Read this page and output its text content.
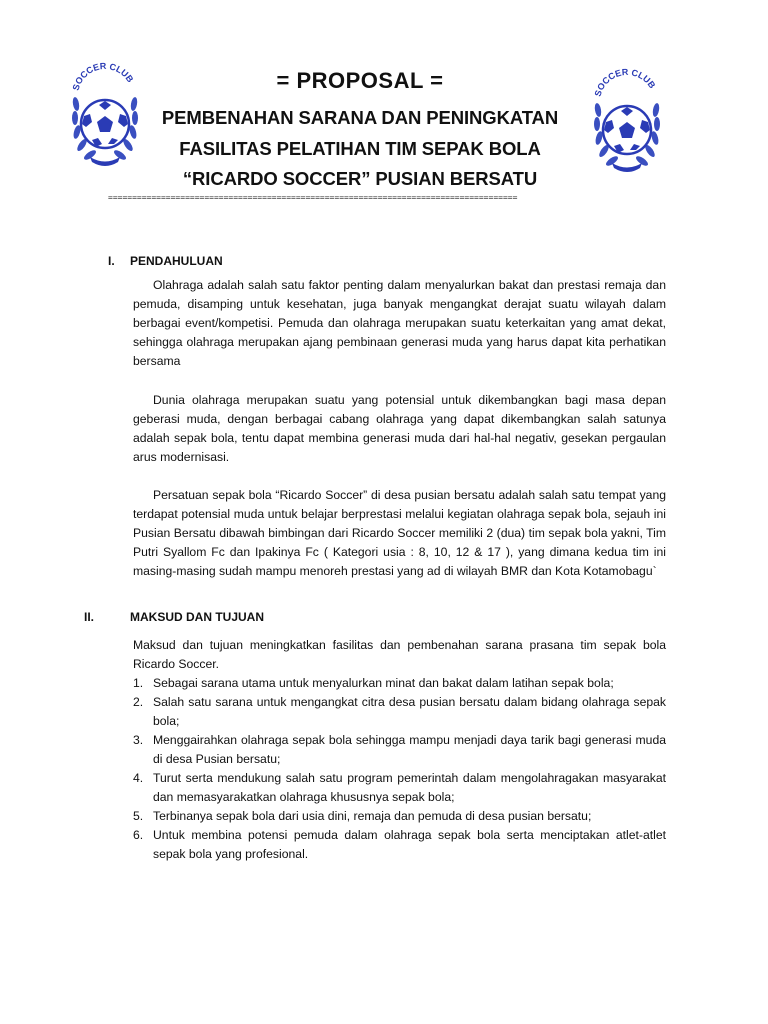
SOCCER CLUB
SOCCER CLUB
= PROPOSAL =
PEMBENAHAN SARANA DAN PENINGKATAN
FASILITAS PELATIHAN TIM SEPAK BOLA
“RICARDO SOCCER” PUSIAN BERSATU
=====================================================================================
I. PENDAHULUAN

Olahraga adalah salah satu faktor penting dalam menyalurkan bakat dan prestasi remaja dan pemuda, disamping untuk kesehatan, juga banyak mengangkat derajat suatu wilayah dalam berbagai event/kompetisi. Pemuda dan olahraga merupakan suatu keterkaitan yang amat dekat, sehingga olahraga merupakan ajang pembinaan generasi muda yang harus dapat kita perhatikan bersama

Dunia olahraga merupakan suatu yang potensial untuk dikembangkan bagi masa depan geberasi muda, dengan berbagai cabang olahraga yang dapat dikembangkan salah satunya adalah sepak bola, tentu dapat membina generasi muda dari hal-hal negativ, gesekan pergaulan arus modernisasi.

Persatuan sepak bola “Ricardo Soccer” di desa pusian bersatu adalah salah satu tempat yang terdapat potensial muda untuk belajar berprestasi melalui kegiatan olahraga sepak bola, sejauh ini Pusian Bersatu dibawah bimbingan dari Ricardo Soccer memiliki 2 (dua) tim sepak bola yakni, Tim Putri Syallom Fc dan Ipakinya Fc ( Kategori usia : 8, 10, 12 & 17 ), yang dimana kedua tim ini masing-masing sudah mampu menoreh prestasi yang ad di wilayah BMR dan Kota Kotamobagu`

II.	MAKSUD DAN TUJUAN

Maksud dan tujuan meningkatkan fasilitas dan pembenahan sarana prasana tim sepak bola Ricardo Soccer.

1. Sebagai sarana utama untuk menyalurkan minat dan bakat dalam latihan sepak bola;
2. Salah satu sarana untuk mengangkat citra desa pusian bersatu dalam bidang olahraga sepak bola;
3. Menggairahkan olahraga sepak bola sehingga mampu menjadi daya tarik bagi generasi muda di desa Pusian bersatu;
4. Turut serta mendukung salah satu program pemerintah dalam mengolahragakan masyarakat dan memasyarakatkan olahraga khususnya sepak bola;
5. Terbinanya sepak bola dari usia dini, remaja dan pemuda di desa pusian bersatu;
6. Untuk membina potensi pemuda dalam olahraga sepak bola serta menciptakan atlet-atlet sepak bola yang profesional.
